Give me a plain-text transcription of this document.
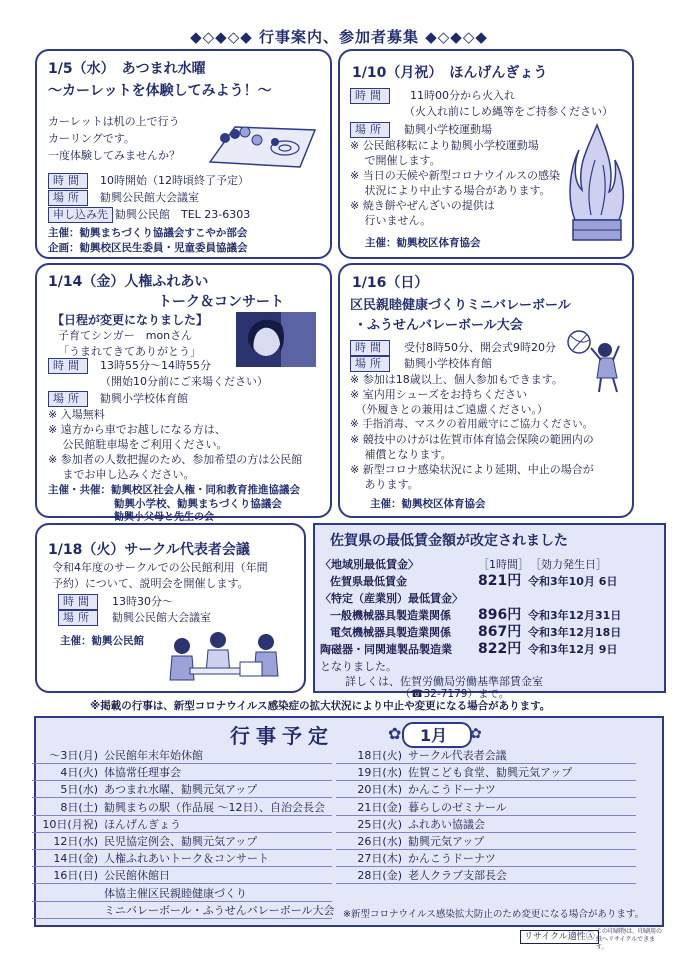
◆◇◆◇◆ 行事案内、参加者募集 ◆◇◆◇◆
1/5（水）　あつまれ水曜
～カーレットを体験してみよう！～
カーレットは机の上で行う
カーリングです。
一度体験してみませんか？
時間	10時開始（12時頃終了予定）
場所	勧興公民館大会議室
申し込み先 勧興公民館　TEL 23-6303
主催：勧興まちづくり協議会すこやか部会
企画：勧興校区民生委員・児童委員協議会
1/10（月祝）　ほんげんぎょう
時間	11時00分から火入れ
（火入れ前にしめ縄等をご持参ください）
場所	勧興小学校運動場
※ 公民館移転により勧興小学校運動場
　 で開催します。
※ 当日の天候や新型コロナウイルスの感染
　 状況により中止する場合があります。
※ 焼き餅やぜんざいの提供は
　 行いません。
主催：勧興校区体育協会
1/14（金）人権ふれあい
トーク＆コンサート
【日程が変更になりました】
子育てシンガー　monさん
「うまれてきてありがとう」
時間	13時55分～14時55分
（開始10分前にご来場ください）
場所	勧興小学校体育館
※ 入場無料
※ 遠方から車でお越しになる方は、
　 公民館駐車場をご利用ください。
※ 参加者の人数把握のため、参加希望の方は公民館
　 までお申し込みください。
主催・共催：勧興校区社会人権・同和教育推進協議会
勧興小学校、勧興まちづくり協議会
勧興小父母と先生の会
1/16（日）
区民親睦健康づくりミニバレーボール
・ふうせんバレーボール大会
時間	受付8時50分、開会式9時20分
場所	勧興小学校体育館
※ 参加は18歳以上、個人参加もできます。
※ 室内用シューズをお持ちください
　（外履きとの兼用はご遠慮ください。）
※ 手指消毒、マスクの着用厳守にご協力ください。
※ 競技中のけがは佐賀市体育協会保険の範囲内の
　 補償となります。
※ 新型コロナ感染状況により延期、中止の場合が
　 あります。
主催：勧興校区体育協会
1/18（火）サークル代表者会議
令和4年度のサークルでの公民館利用（年間
予約）について、説明会を開催します。
時間	13時30分～
場所	勧興公民館大会議室
主催：勧興公民館
佐賀県の最低賃金額が改定されました
〈地域別最低賃金〉	［1時間］ ［効力発生日］
佐賀県最低賃金	821円 令和3年10月 6日
〈特定（産業別）最低賃金〉
一般機械器具製造業関係 896円 令和3年12月31日
電気機械器具製造業関係 867円 令和3年12月18日
陶磁器・同関連製品製造業 822円 令和3年12月 9日
となりました。
詳しくは、佐賀労働局労働基準部賃金室
（☎32-7179）まで。
※掲載の行事は、新型コロナウイルス感染症の拡大状況により中止や変更になる場合があります。
行事予定	1月
✿	✿
※新型コロナウイルス感染拡大防止のため変更になる場合があります。
リサイクル適性Ⓐ
この印刷物は、印刷用の紙へリサイクルできます。
～3日(月) 公民館年末年始休館
4日(火) 体協常任理事会
5日(水) あつまれ水曜、勧興元気アップ
8日(土) 勧興まちの駅（作品展 ～12日）、自治会長会
10日(月祝) ほんげんぎょう
12日(水) 民児協定例会、勧興元気アップ
14日(金) 人権ふれあいトーク＆コンサート
16日(日) 公民館休館日
体協主催区民親睦健康づくり
ミニバレーボール・ふうせんバレーボール大会
18日(火) サークル代表者会議
19日(水) 佐賀こども食堂、勧興元気アップ
20日(木) かんこうドーナツ
21日(金) 暮らしのゼミナール
25日(火) ふれあい協議会
26日(水) 勧興元気アップ
27日(木) かんこうドーナツ
28日(金) 老人クラブ支部長会
